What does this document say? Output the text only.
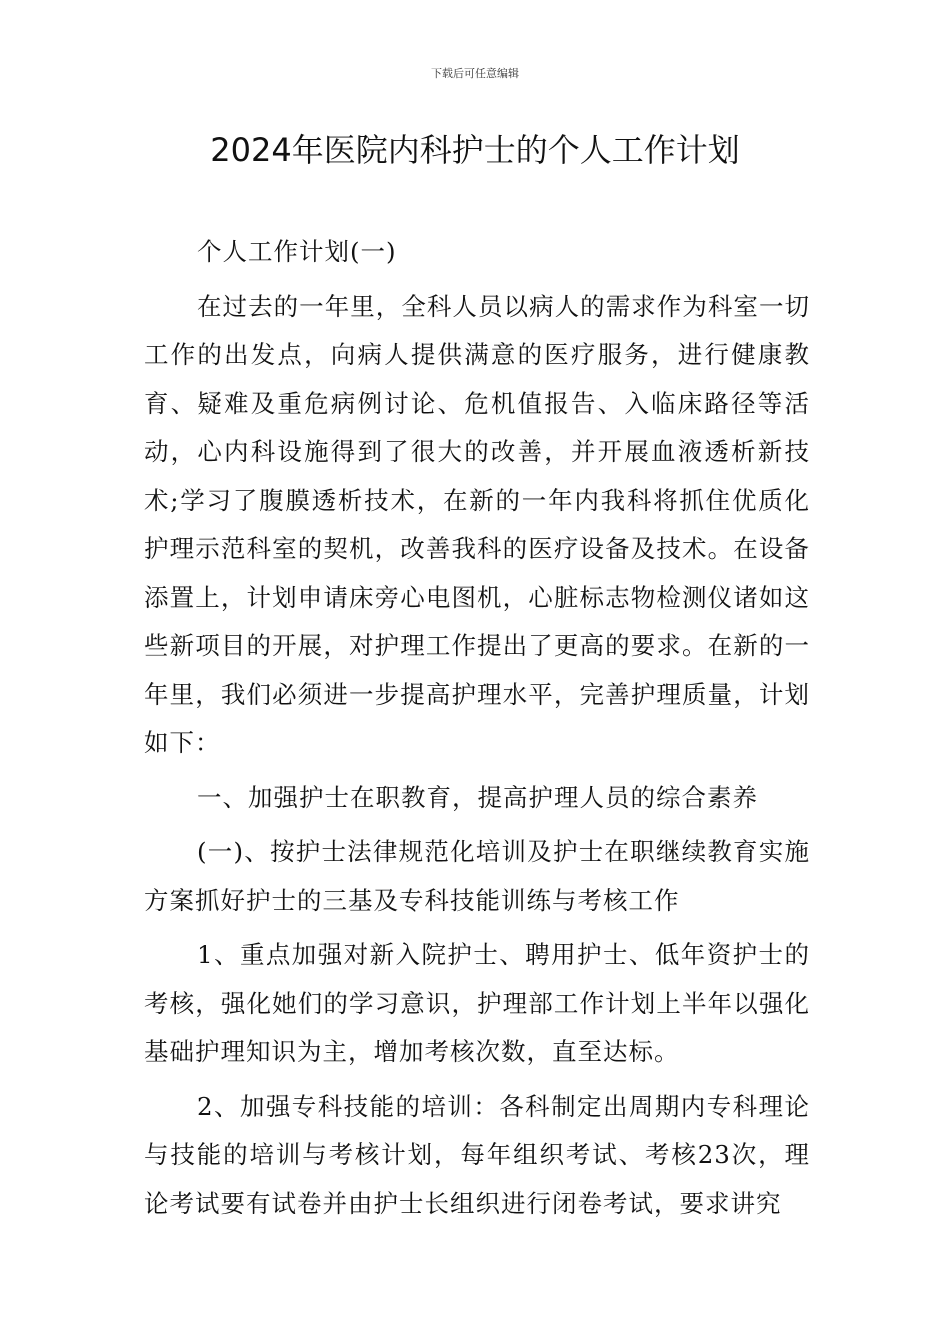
下载后可任意编辑
2024年医院内科护士的个人工作计划

个人工作计划(一)

在过去的一年里，全科人员以病人的需求作为科室一切工作的出发点，向病人提供满意的医疗服务，进行健康教育、疑难及重危病例讨论、危机值报告、入临床路径等活动，心内科设施得到了很大的改善，并开展血液透析新技术;学习了腹膜透析技术，在新的一年内我科将抓住优质化护理示范科室的契机，改善我科的医疗设备及技术。在设备添置上，计划申请床旁心电图机，心脏标志物检测仪诸如这些新项目的开展，对护理工作提出了更高的要求。在新的一年里，我们必须进一步提高护理水平，完善护理质量，计划如下：

一、加强护士在职教育，提高护理人员的综合素养

(一)、按护士法律规范化培训及护士在职继续教育实施方案抓好护士的三基及专科技能训练与考核工作

1、重点加强对新入院护士、聘用护士、低年资护士的考核，强化她们的学习意识，护理部工作计划上半年以强化基础护理知识为主，增加考核次数，直至达标。

2、加强专科技能的培训：各科制定出周期内专科理论与技能的培训与考核计划，每年组织考试、考核23次，理论考试要有试卷并由护士长组织进行闭卷考试，要求讲究
